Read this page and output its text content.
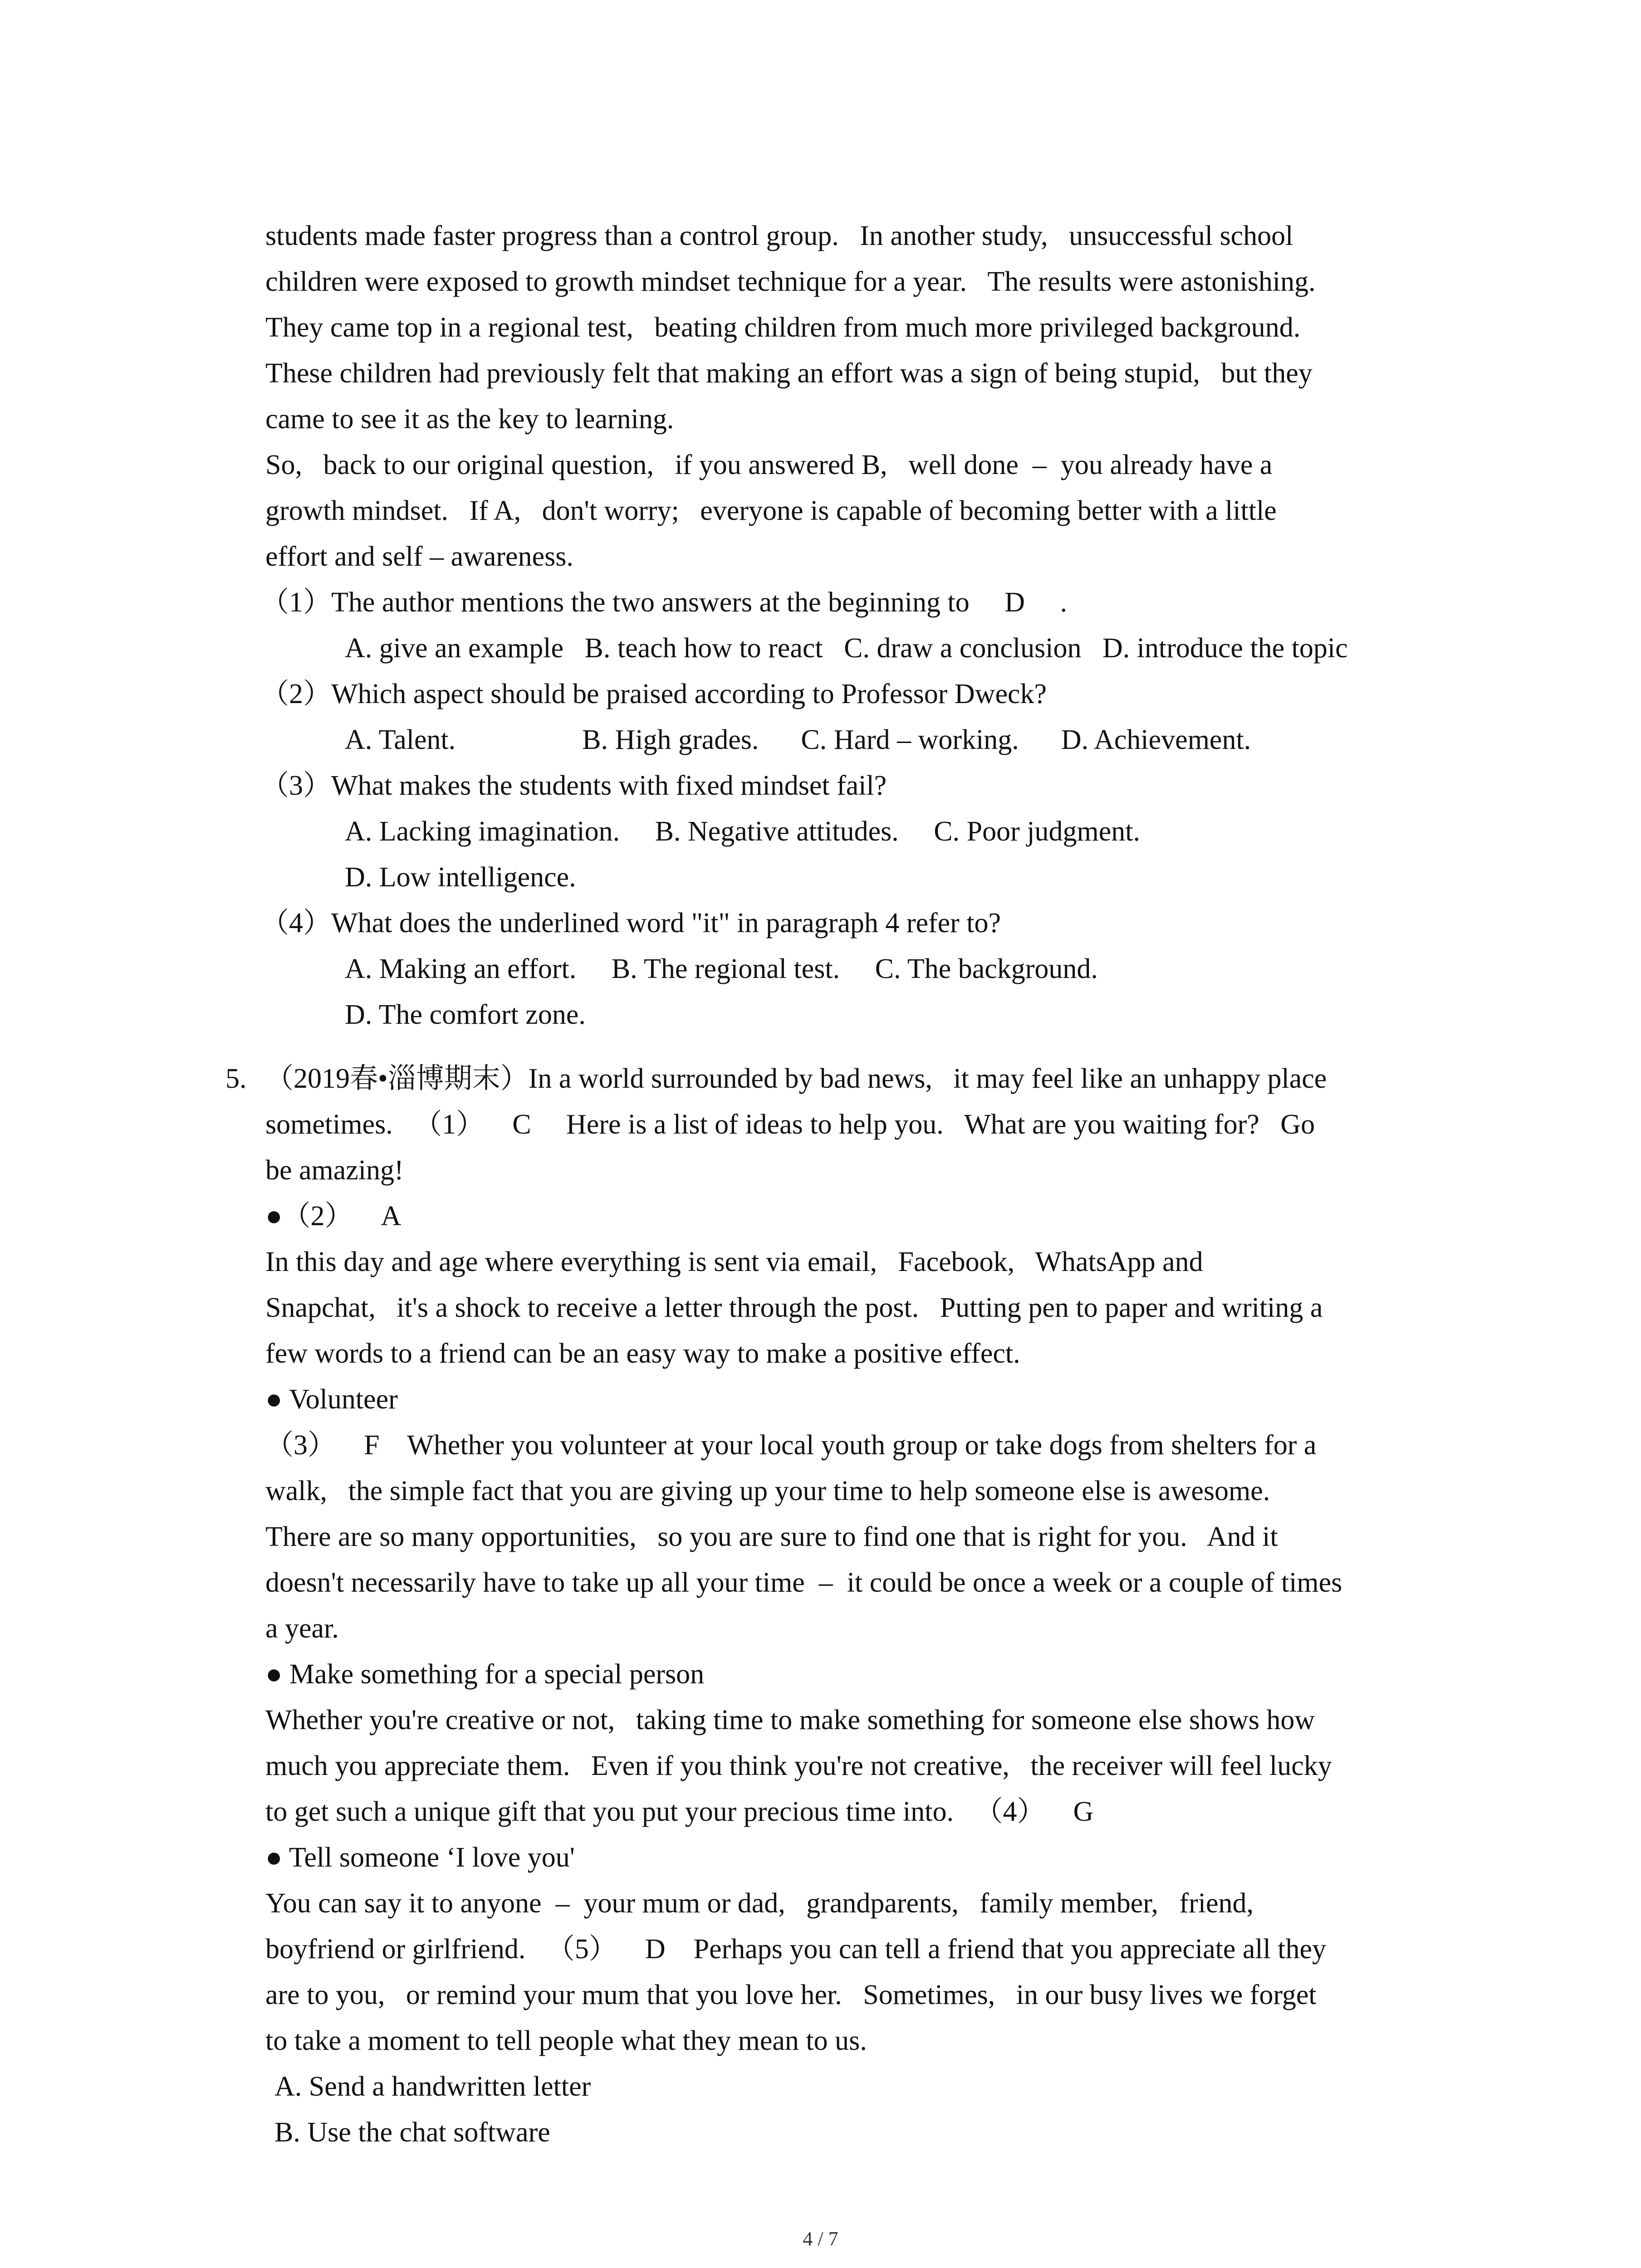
students made faster progress than a control group.   In another study,   unsuccessful school
children were exposed to growth mindset technique for a year.   The results were astonishing.
They came top in a regional test,   beating children from much more privileged background.
These children had previously felt that making an effort was a sign of being stupid,   but they
came to see it as the key to learning.
So,   back to our original question,   if you answered B,   well done  –  you already have a
growth mindset.   If A,   don't worry;   everyone is capable of becoming better with a little
effort and self – awareness.
（1）The author mentions the two answers at the beginning to     D     .
A. give an example   B. teach how to react   C. draw a conclusion   D. introduce the topic
（2）Which aspect should be praised according to Professor Dweck?
A. Talent.                  B. High grades.      C. Hard – working.      D. Achievement.
（3）What makes the students with fixed mindset fail?
A. Lacking imagination.     B. Negative attitudes.     C. Poor judgment.
D. Low intelligence.
（4）What does the underlined word "it" in paragraph 4 refer to?
A. Making an effort.     B. The regional test.     C. The background.
D. The comfort zone.
5. （2019春•淄博期末）In a world surrounded by bad news,   it may feel like an unhappy place
sometimes.   （1）    C     Here is a list of ideas to help you.   What are you waiting for?   Go
be amazing!
●（2）    A
In this day and age where everything is sent via email,   Facebook,   WhatsApp and
Snapchat,   it's a shock to receive a letter through the post.   Putting pen to paper and writing a
few words to a friend can be an easy way to make a positive effect.
● Volunteer
（3）    F    Whether you volunteer at your local youth group or take dogs from shelters for a
walk,   the simple fact that you are giving up your time to help someone else is awesome.
There are so many opportunities,   so you are sure to find one that is right for you.   And it
doesn't necessarily have to take up all your time  –  it could be once a week or a couple of times
a year.
● Make something for a special person
Whether you're creative or not,   taking time to make something for someone else shows how
much you appreciate them.   Even if you think you're not creative,   the receiver will feel lucky
to get such a unique gift that you put your precious time into.   （4）    G
● Tell someone ‘I love you'
You can say it to anyone  –  your mum or dad,   grandparents,   family member,   friend,
boyfriend or girlfriend.   （5）    D    Perhaps you can tell a friend that you appreciate all they
are to you,   or remind your mum that you love her.   Sometimes,   in our busy lives we forget
to take a moment to tell people what they mean to us.
A. Send a handwritten letter
B. Use the chat software
4 / 7
